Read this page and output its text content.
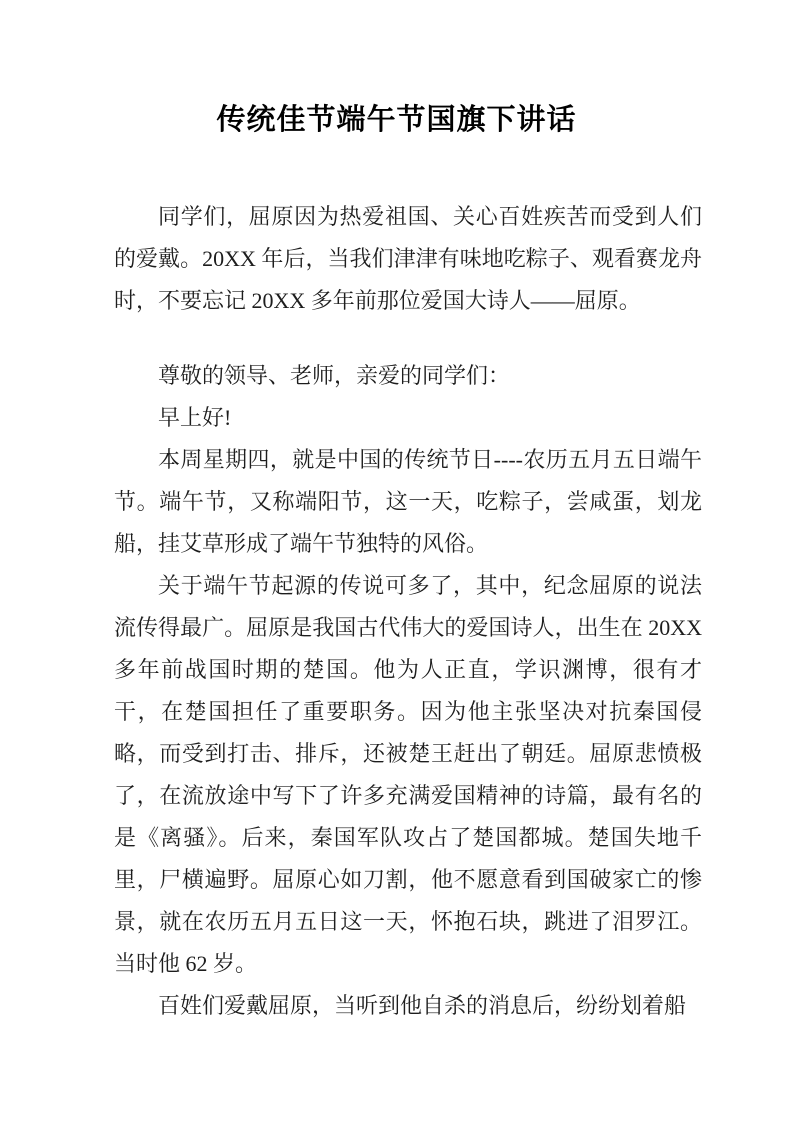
传统佳节端午节国旗下讲话

同学们，屈原因为热爱祖国、关心百姓疾苦而受到人们的爱戴。20XX 年后，当我们津津有味地吃粽子、观看赛龙舟时，不要忘记 20XX 多年前那位爱国大诗人——屈原。

尊敬的领导、老师，亲爱的同学们：

早上好!

本周星期四，就是中国的传统节日----农历五月五日端午节。端午节，又称端阳节，这一天，吃粽子，尝咸蛋，划龙船，挂艾草形成了端午节独特的风俗。

关于端午节起源的传说可多了，其中，纪念屈原的说法流传得最广。屈原是我国古代伟大的爱国诗人，出生在 20XX 多年前战国时期的楚国。他为人正直，学识渊博，很有才干，在楚国担任了重要职务。因为他主张坚决对抗秦国侵略，而受到打击、排斥，还被楚王赶出了朝廷。屈原悲愤极了，在流放途中写下了许多充满爱国精神的诗篇，最有名的是《离骚》。后来，秦国军队攻占了楚国都城。楚国失地千里，尸横遍野。屈原心如刀割，他不愿意看到国破家亡的惨景，就在农历五月五日这一天，怀抱石块，跳进了泪罗江。当时他 62 岁。

百姓们爱戴屈原，当听到他自杀的消息后，纷纷划着船
